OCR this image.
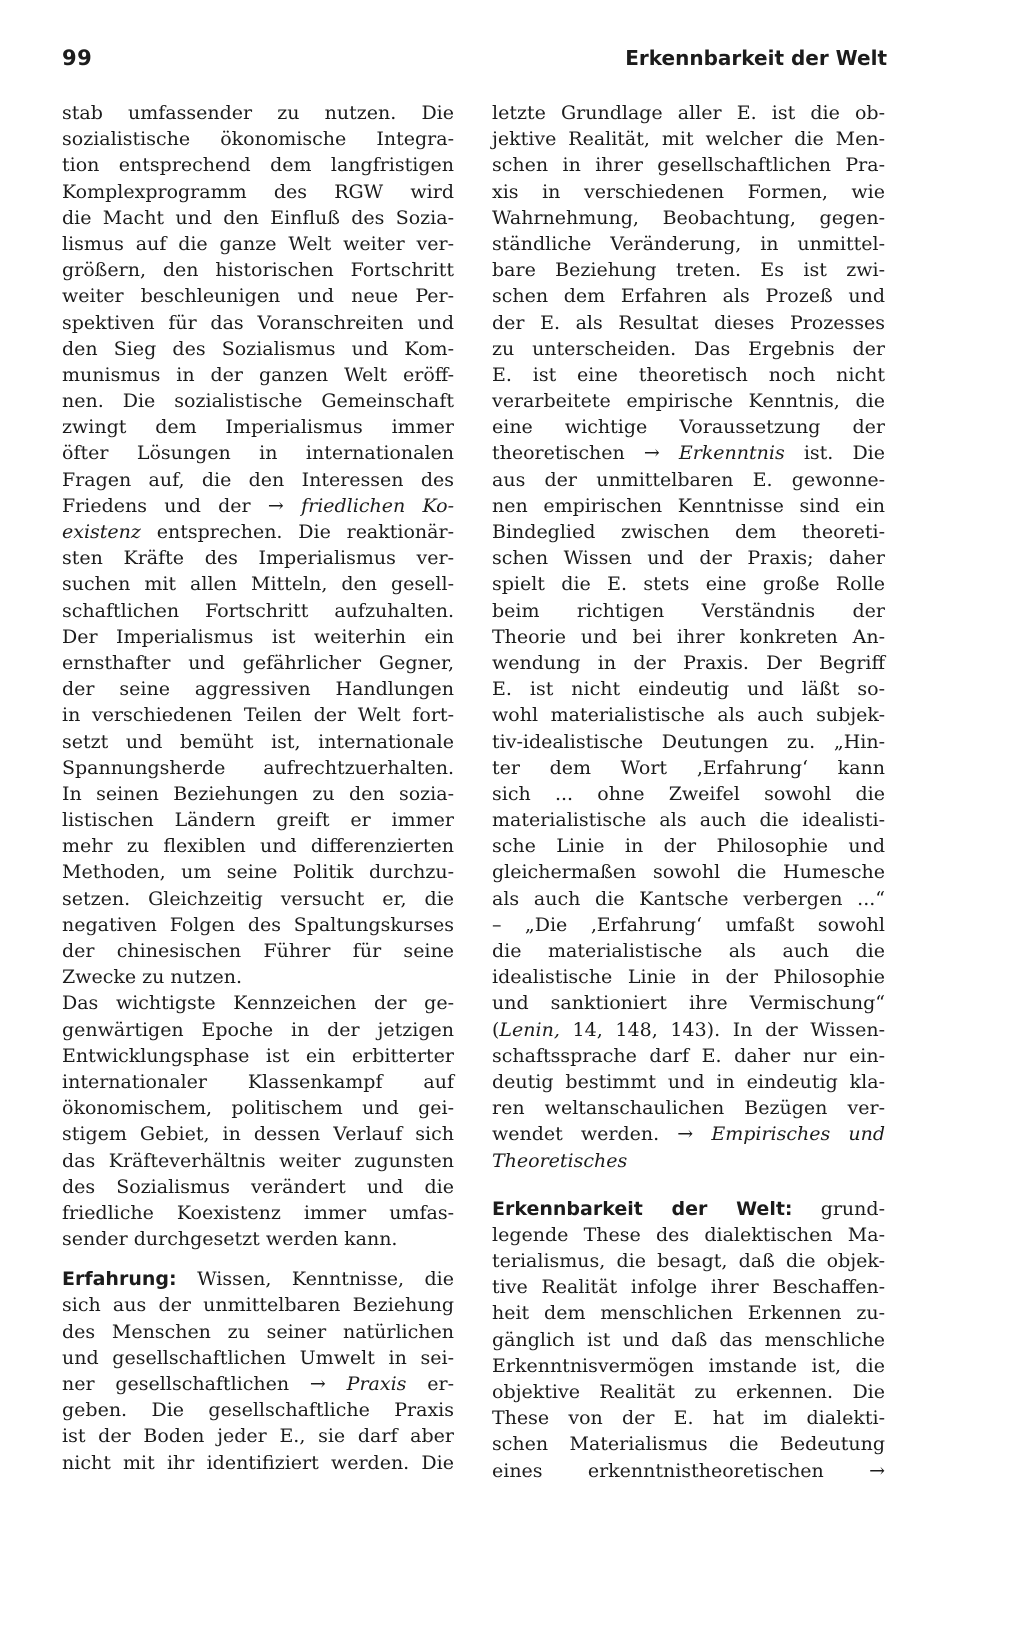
99	Erkennbarkeit der Welt
stab umfassender zu nutzen. Die
sozialistische ökonomische Integra-
tion entsprechend dem langfristigen
Komplexprogramm des RGW wird
die Macht und den Einfluß des Sozia-
lismus auf die ganze Welt weiter ver-
größern, den historischen Fortschritt
weiter beschleunigen und neue Per-
spektiven für das Voranschreiten und
den Sieg des Sozialismus und Kom-
munismus in der ganzen Welt eröff-
nen. Die sozialistische Gemeinschaft
zwingt dem Imperialismus immer
öfter Lösungen in internationalen
Fragen auf, die den Interessen des
Friedens und der → friedlichen Ko-
existenz entsprechen. Die reaktionär-
sten Kräfte des Imperialismus ver-
suchen mit allen Mitteln, den gesell-
schaftlichen Fortschritt aufzuhalten.
Der Imperialismus ist weiterhin ein
ernsthafter und gefährlicher Gegner,
der seine aggressiven Handlungen
in verschiedenen Teilen der Welt fort-
setzt und bemüht ist, internationale
Spannungsherde aufrechtzuerhalten.
In seinen Beziehungen zu den sozia-
listischen Ländern greift er immer
mehr zu flexiblen und differenzierten
Methoden, um seine Politik durchzu-
setzen. Gleichzeitig versucht er, die
negativen Folgen des Spaltungskurses
der chinesischen Führer für seine
Zwecke zu nutzen.
Das wichtigste Kennzeichen der ge-
genwärtigen Epoche in der jetzigen
Entwicklungsphase ist ein erbitterter
internationaler Klassenkampf auf
ökonomischem, politischem und gei-
stigem Gebiet, in dessen Verlauf sich
das Kräfteverhältnis weiter zugunsten
des Sozialismus verändert und die
friedliche Koexistenz immer umfas-
sender durchgesetzt werden kann.
Erfahrung: Wissen, Kenntnisse, die
sich aus der unmittelbaren Beziehung
des Menschen zu seiner natürlichen
und gesellschaftlichen Umwelt in sei-
ner gesellschaftlichen → Praxis er-
geben. Die gesellschaftliche Praxis
ist der Boden jeder E., sie darf aber
nicht mit ihr identifiziert werden. Die
letzte Grundlage aller E. ist die ob-
jektive Realität, mit welcher die Men-
schen in ihrer gesellschaftlichen Pra-
xis in verschiedenen Formen, wie
Wahrnehmung, Beobachtung, gegen-
ständliche Veränderung, in unmittel-
bare Beziehung treten. Es ist zwi-
schen dem Erfahren als Prozeß und
der E. als Resultat dieses Prozesses
zu unterscheiden. Das Ergebnis der
E. ist eine theoretisch noch nicht
verarbeitete empirische Kenntnis, die
eine wichtige Voraussetzung der
theoretischen → Erkenntnis ist. Die
aus der unmittelbaren E. gewonne-
nen empirischen Kenntnisse sind ein
Bindeglied zwischen dem theoreti-
schen Wissen und der Praxis; daher
spielt die E. stets eine große Rolle
beim richtigen Verständnis der
Theorie und bei ihrer konkreten An-
wendung in der Praxis. Der Begriff
E. ist nicht eindeutig und läßt so-
wohl materialistische als auch subjek-
tiv-idealistische Deutungen zu. „Hin-
ter dem Wort ‚Erfahrung‘ kann
sich ... ohne Zweifel sowohl die
materialistische als auch die idealisti-
sche Linie in der Philosophie und
gleichermaßen sowohl die Humesche
als auch die Kantsche verbergen ...“
– „Die ‚Erfahrung‘ umfaßt sowohl
die materialistische als auch die
idealistische Linie in der Philosophie
und sanktioniert ihre Vermischung“
(Lenin, 14, 148, 143). In der Wissen-
schaftssprache darf E. daher nur ein-
deutig bestimmt und in eindeutig kla-
ren weltanschaulichen Bezügen ver-
wendet werden. → Empirisches und
Theoretisches
Erkennbarkeit der Welt: grund-
legende These des dialektischen Ma-
terialismus, die besagt, daß die objek-
tive Realität infolge ihrer Beschaffen-
heit dem menschlichen Erkennen zu-
gänglich ist und daß das menschliche
Erkenntnisvermögen imstande ist, die
objektive Realität zu erkennen. Die
These von der E. hat im dialekti-
schen Materialismus die Bedeutung
eines erkenntnistheoretischen →
